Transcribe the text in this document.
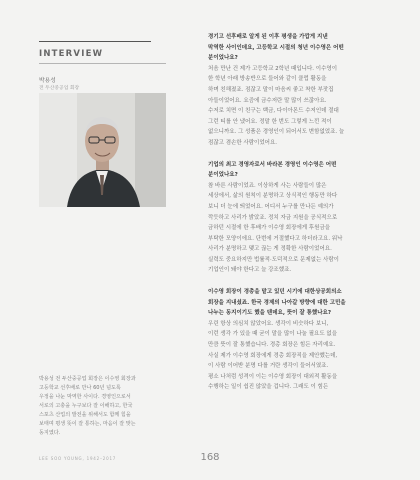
INTERVIEW
박용성
전 두산중공업 회장

박용성 전 두산중공업 회장은 이수영 회장과

고등학교 선후배로 만나 60년 넘도록

우정을 나눈 막역한 사이다. 경영인으로서

서로의 고충을 누구보다 잘 이해하고, 한국

스포츠 산업의 발전을 위해서도 함께 힘을

보태며 평생 뜻이 잘 통하는, 마음이 잘 맞는

동지였다.

경기고 선후배로 알게 된 이후 평생을 가깝게 지낸

막역한 사이인데요, 고등학교 시절의 청년 이수영은 어떤

분이었나요?

처음 만난 건 제가 고등학교 2학년 때입니다. 이수영이

한 학년 아래 방송반으로 들어와 같이 클럽 활동을

하며 친해졌죠. 점잖고 말이 마음씨 좋고 착한 부잣집

아들이었어요. 요즘에 금수저란 말 많이 쓰잖아요.

수저로 치면 이 친구는 백금, 다이아몬드 수저인데 절대

그런 티를 안 냈어요. 정말 한 번도 그렇게 느낀 적이

없으니까요. 그 성품은 경영인이 되어서도 변함없었죠. 늘

점잖고 겸손한 사람이었어요.

기업의 최고 경영자로서 바라본 경영인 이수영은 어떤

분이었나요?

참 바른 사람이었죠. 이상하게 사는 사람들이 많은

세상에서, 삶의 원칙이 분명하고 상식적인 행동만 하다

보니 더 눈에 띄었어요. 어디서 누구를 만나든 예의가

깍듯하고 사리가 밝았죠. 정치 자금 지원을 공식적으로

금하던 시절에 한 후배가 이수영 회장에게 후원금을

부탁한 모양이에요. 단번에 거절했다고 하더라고요. 워낙

사리가 분명하고 맺고 끊는 게 정확한 사람이었어요.

실력도 중요하지만 법률적·도덕적으로 문제없는 사람이

기업인이 돼야 한다고 늘 강조했죠.

이수영 회장이 경총을 맡고 있던 시기에 대한상공회의소

회장을 지내셨죠. 한국 경제의 나아갈 방향에 대한 고민을

나누는 동지이기도 했을 텐데요, 뜻이 잘 통했나요?

우린 항상 의심치 않았어요. 생각이 비슷하다 보니,

이런 생각 가 있을 때 굳이 말을 많이 나눌 필요도 없을

만큼 뜻이 잘 통했습니다. 경총 회장은 힘든 자리예요.

사실 제가 이수영 회장에게 경총 회장직을 제안했는데,

이 사람 이어받 분명 다를 거란 생각이 들어서였죠.

평소 나처럼 성격이 이는 이수영 회장이 대외적 활동을

수행하는 일이 쉽진 않았을 겁니다. 그래도 이 힘든

LEE SOO YOUNG, 1942–2017	168
